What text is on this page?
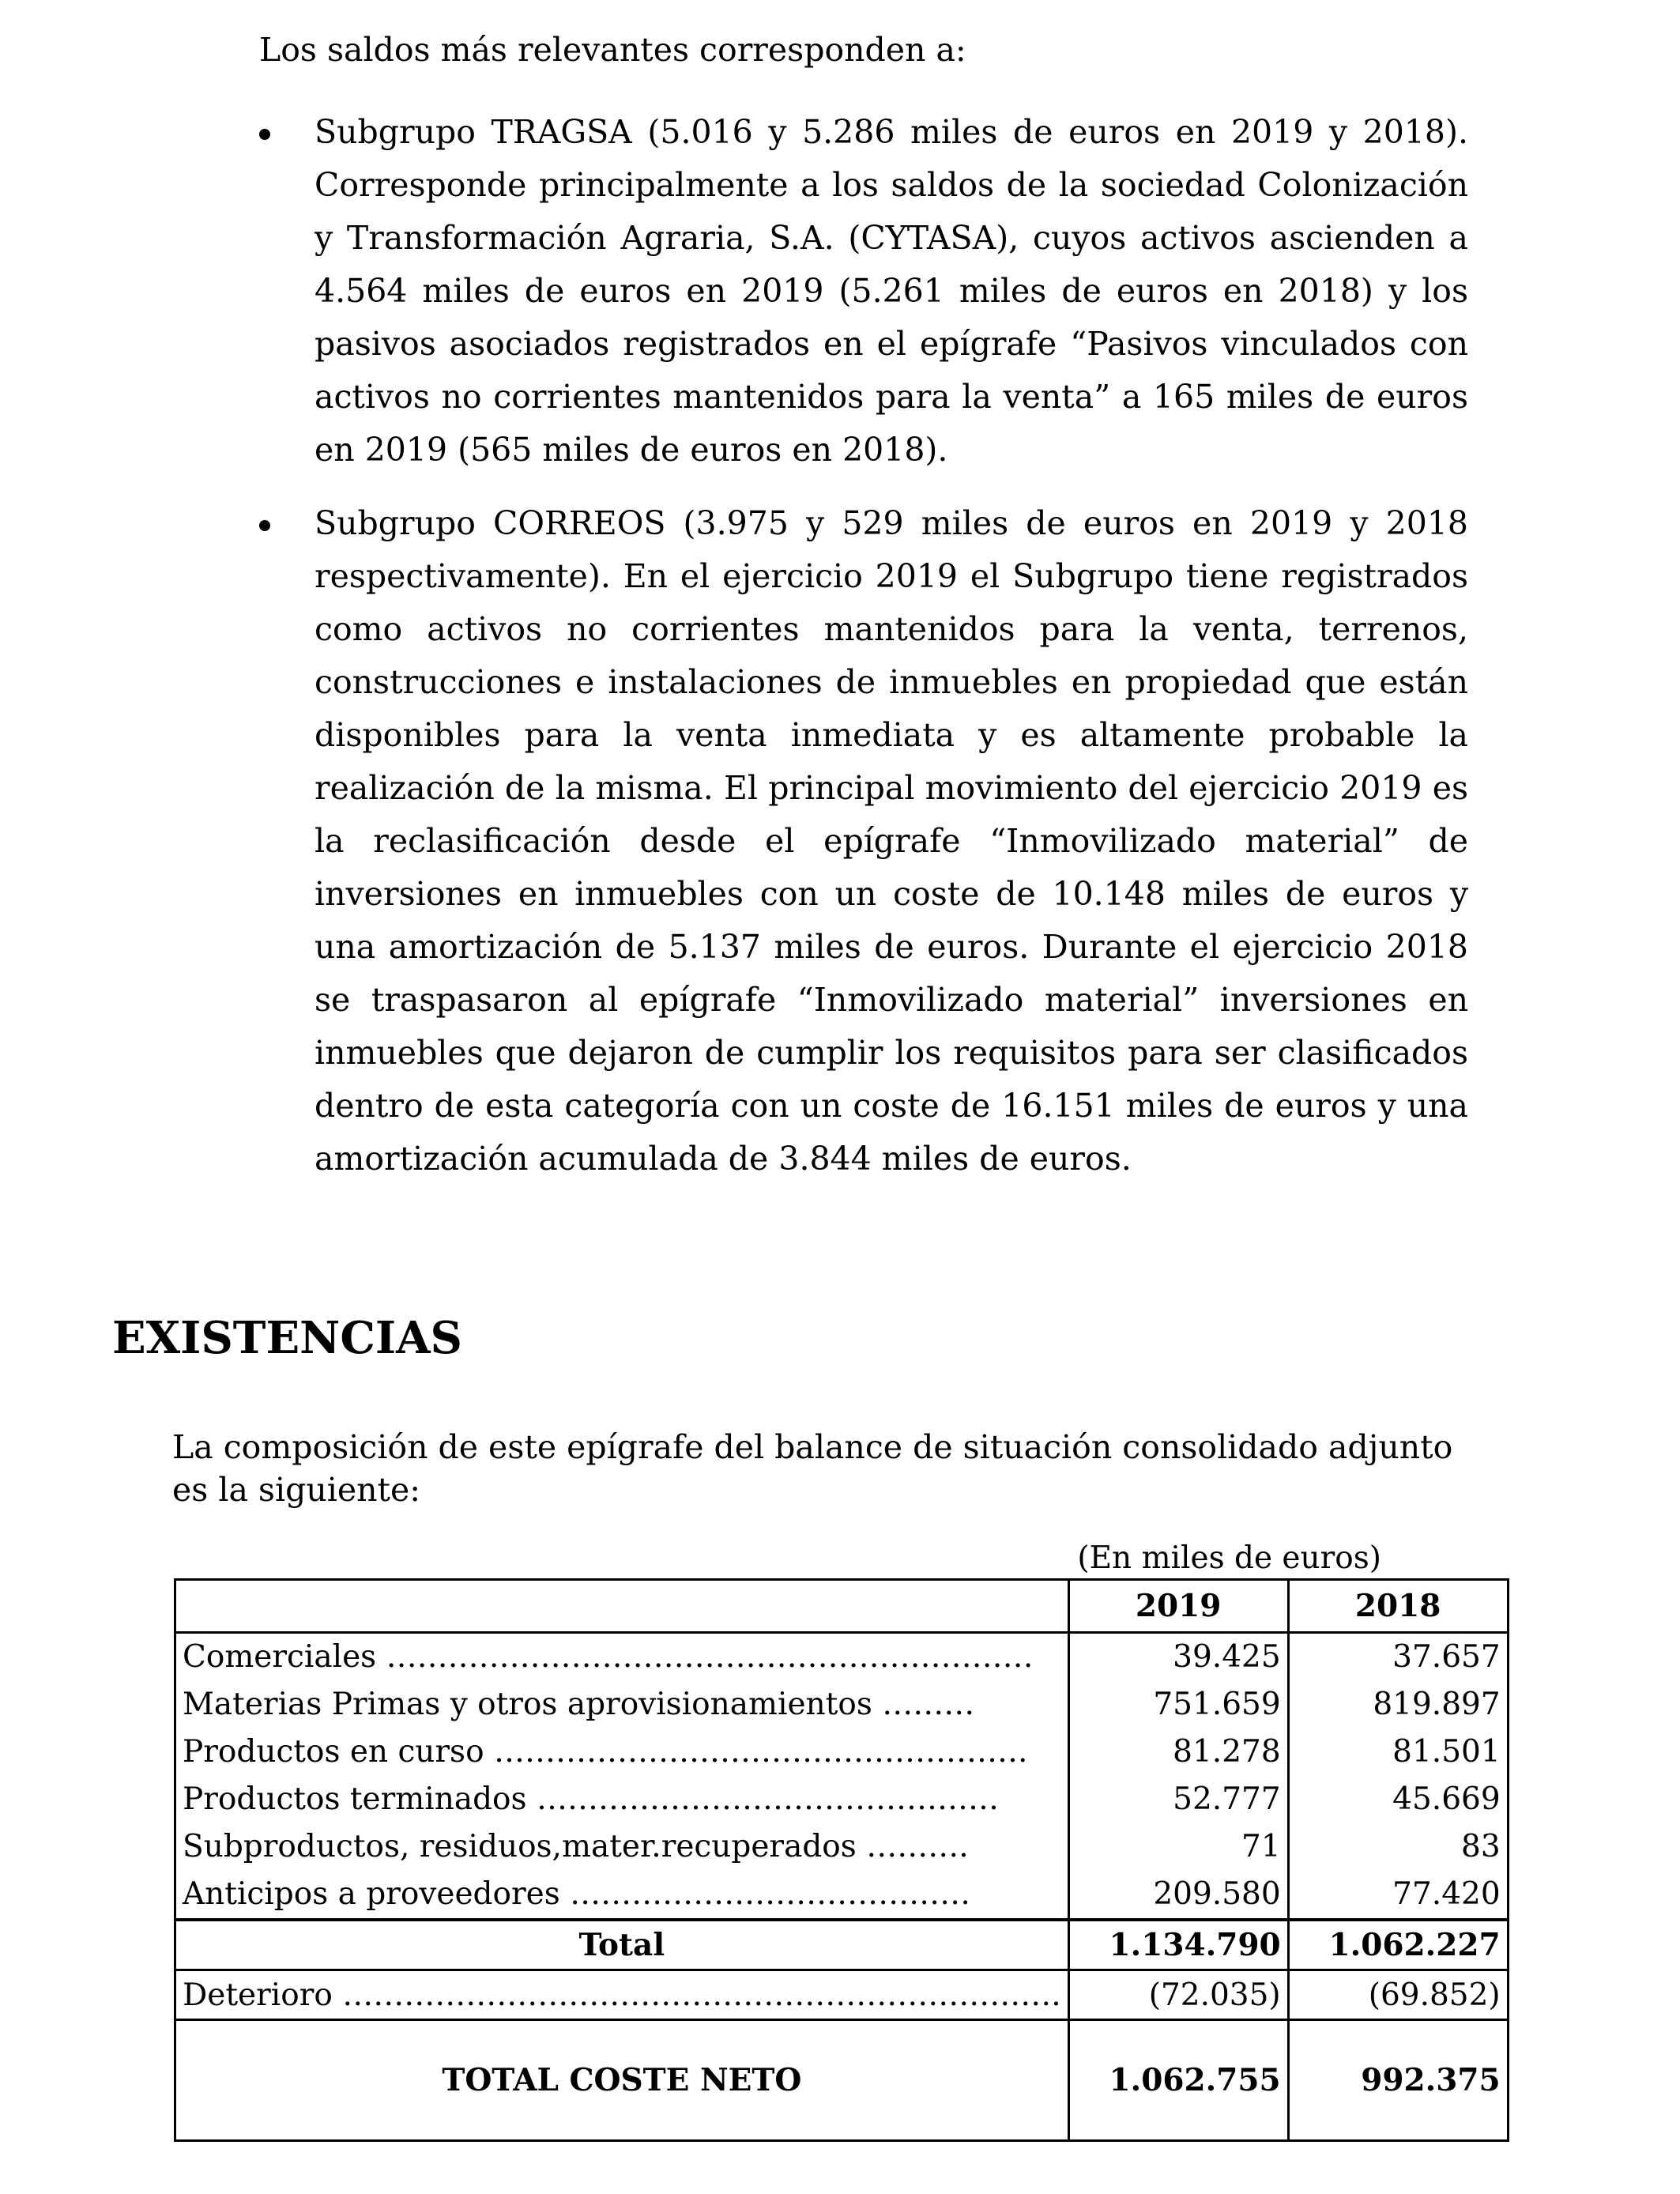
Los saldos más relevantes corresponden a:
Subgrupo TRAGSA (5.016 y 5.286 miles de euros en 2019 y 2018). Corresponde principalmente a los saldos de la sociedad Colonización y Transformación Agraria, S.A. (CYTASA), cuyos activos ascienden a 4.564 miles de euros en 2019 (5.261 miles de euros en 2018) y los pasivos asociados registrados en el epígrafe “Pasivos vinculados con activos no corrientes mantenidos para la venta” a 165 miles de euros en 2019 (565 miles de euros en 2018).
Subgrupo CORREOS (3.975 y 529 miles de euros en 2019 y 2018 respectivamente). En el ejercicio 2019 el Subgrupo tiene registrados como activos no corrientes mantenidos para la venta, terrenos, construcciones e instalaciones de inmuebles en propiedad que están disponibles para la venta inmediata y es altamente probable la realización de la misma. El principal movimiento del ejercicio 2019 es la reclasificación desde el epígrafe “Inmovilizado material” de inversiones en inmuebles con un coste de 10.148 miles de euros y una amortización de 5.137 miles de euros. Durante el ejercicio 2018 se traspasaron al epígrafe “Inmovilizado material” inversiones en inmuebles que dejaron de cumplir los requisitos para ser clasificados dentro de esta categoría con un coste de 16.151 miles de euros y una amortización acumulada de 3.844 miles de euros.
EXISTENCIAS
La composición de este epígrafe del balance de situación consolidado adjunto es la siguiente:
(En miles de euros)
	2019	2018
Comerciales ………………………………………………………	39.425	37.657
Materias Primas y otros aprovisionamientos ………	751.659	819.897
Productos en curso …………………………………………….	81.278	81.501
Productos terminados ………………………………………	52.777	45.669
Subproductos, residuos,mater.recuperados ……….	71	83
Anticipos a proveedores …………………………………	209.580	77.420
Total	1.134.790	1.062.227
Deterioro …………………………………………………………….	(72.035)	(69.852)
TOTAL COSTE NETO	1.062.755	992.375
